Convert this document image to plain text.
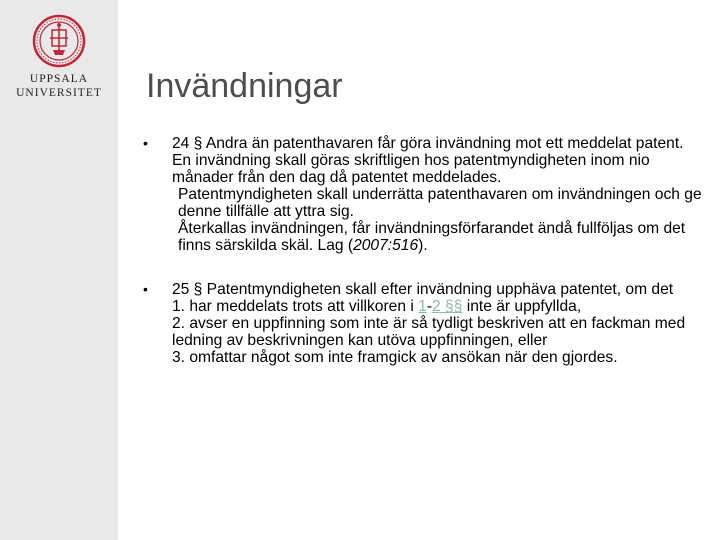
UPPSALA
UNIVERSITET	Invändningar
• 24 § Andra än patenthavaren får göra invändning mot ett meddelat patent. En invändning skall göras skriftligen hos patentmyndigheten inom nio månader från den dag då patentet meddelades.

Patentmyndigheten skall underrätta patenthavaren om invändningen och ge denne tillfälle att yttra sig.

Återkallas invändningen, får invändningsförfarandet ändå fullföljas om det finns särskilda skäl. Lag (2007:516).

• 25 § Patentmyndigheten skall efter invändning upphäva patentet, om det

1. har meddelats trots att villkoren i 1-2 §§ inte är uppfyllda,

2. avser en uppfinning som inte är så tydligt beskriven att en fackman med ledning av beskrivningen kan utöva uppfinningen, eller

3. omfattar något som inte framgick av ansökan när den gjordes.
